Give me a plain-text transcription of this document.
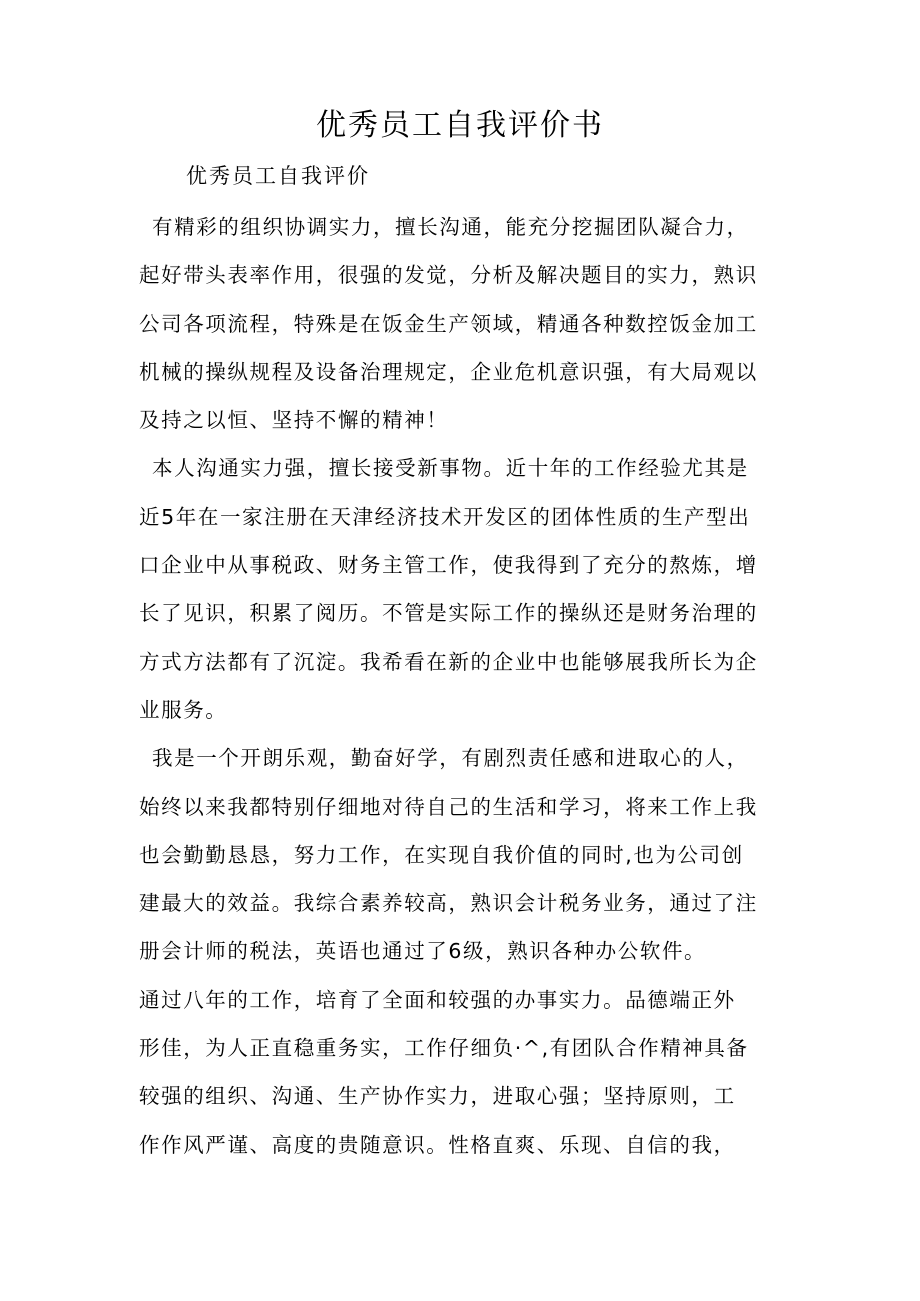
优秀员工自我评价书

优秀员工自我评价

有精彩的组织协调实力，擅长沟通，能充分挖掘团队凝合力，
起好带头表率作用，很强的发觉，分析及解决题目的实力，熟识
公司各项流程，特殊是在饭金生产领域，精通各种数控饭金加工
机械的操纵规程及设备治理规定，企业危机意识强，有大局观以
及持之以恒、坚持不懈的精神！
本人沟通实力强，擅长接受新事物。近十年的工作经验尤其是
近5年在一家注册在天津经济技术开发区的团体性质的生产型出
口企业中从事税政、财务主管工作，使我得到了充分的熬炼，增
长了见识，积累了阅历。不管是实际工作的操纵还是财务治理的
方式方法都有了沉淀。我希看在新的企业中也能够展我所长为企
业服务。
我是一个开朗乐观，勤奋好学，有剧烈责任感和进取心的人，
始终以来我都特别仔细地对待自己的生活和学习，将来工作上我
也会勤勤恳恳，努力工作，在实现自我价值的同时,也为公司创
建最大的效益。我综合素养较高，熟识会计税务业务，通过了注
册会计师的税法，英语也通过了6级，熟识各种办公软件。
通过八年的工作，培育了全面和较强的办事实力。品德端正外
形佳，为人正直稳重务实，工作仔细负·^,有团队合作精神具备
较强的组织、沟通、生产协作实力，进取心强；坚持原则，工
作作风严谨、高度的贵随意识。性格直爽、乐现、自信的我，
